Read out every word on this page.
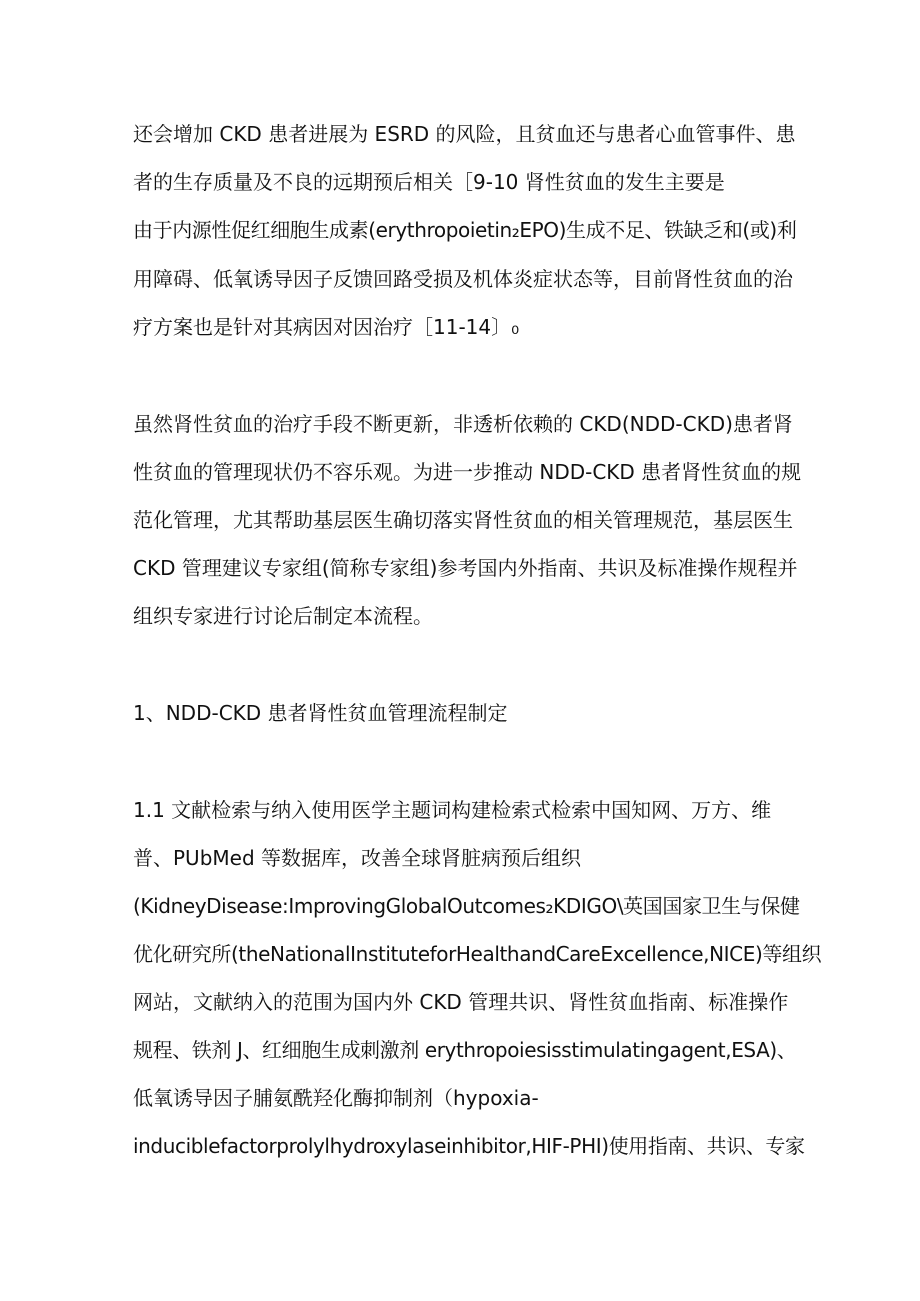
还会增加 CKD 患者进展为 ESRD 的风险，且贫血还与患者心血管事件、患
者的生存质量及不良的远期预后相关［9-10 肾性贫血的发生主要是
由于内源性促红细胞生成素(erythropoietin₂EPO)生成不足、铁缺乏和(或)利
用障碍、低氧诱导因子反馈回路受损及机体炎症状态等，目前肾性贫血的治
疗方案也是针对其病因对因治疗［11-14〕₀
虽然肾性贫血的治疗手段不断更新，非透析依赖的 CKD(NDD-CKD)患者肾
性贫血的管理现状仍不容乐观。为进一步推动 NDD-CKD 患者肾性贫血的规
范化管理，尤其帮助基层医生确切落实肾性贫血的相关管理规范，基层医生
CKD 管理建议专家组(简称专家组)参考国内外指南、共识及标准操作规程并
组织专家进行讨论后制定本流程。
1、NDD-CKD 患者肾性贫血管理流程制定
1.1 文献检索与纳入使用医学主题词构建检索式检索中国知网、万方、维
普、PUbMed 等数据库，改善全球肾脏病预后组织
(KidneyDisease:ImprovingGlobalOutcomes₂KDIGO\英国国家卫生与保健
优化研究所(theNationalInstituteforHealthandCareExcellence,NICE)等组织
网站，文献纳入的范围为国内外 CKD 管理共识、肾性贫血指南、标准操作
规程、铁剂 J、红细胞生成刺激剂 erythropoiesisstimulatingagent,ESA)、
低氧诱导因子脯氨酰羟化酶抑制剂（hypoxia-
induciblefactorprolylhydroxylaseinhibitor,HIF-PHI)使用指南、共识、专家
